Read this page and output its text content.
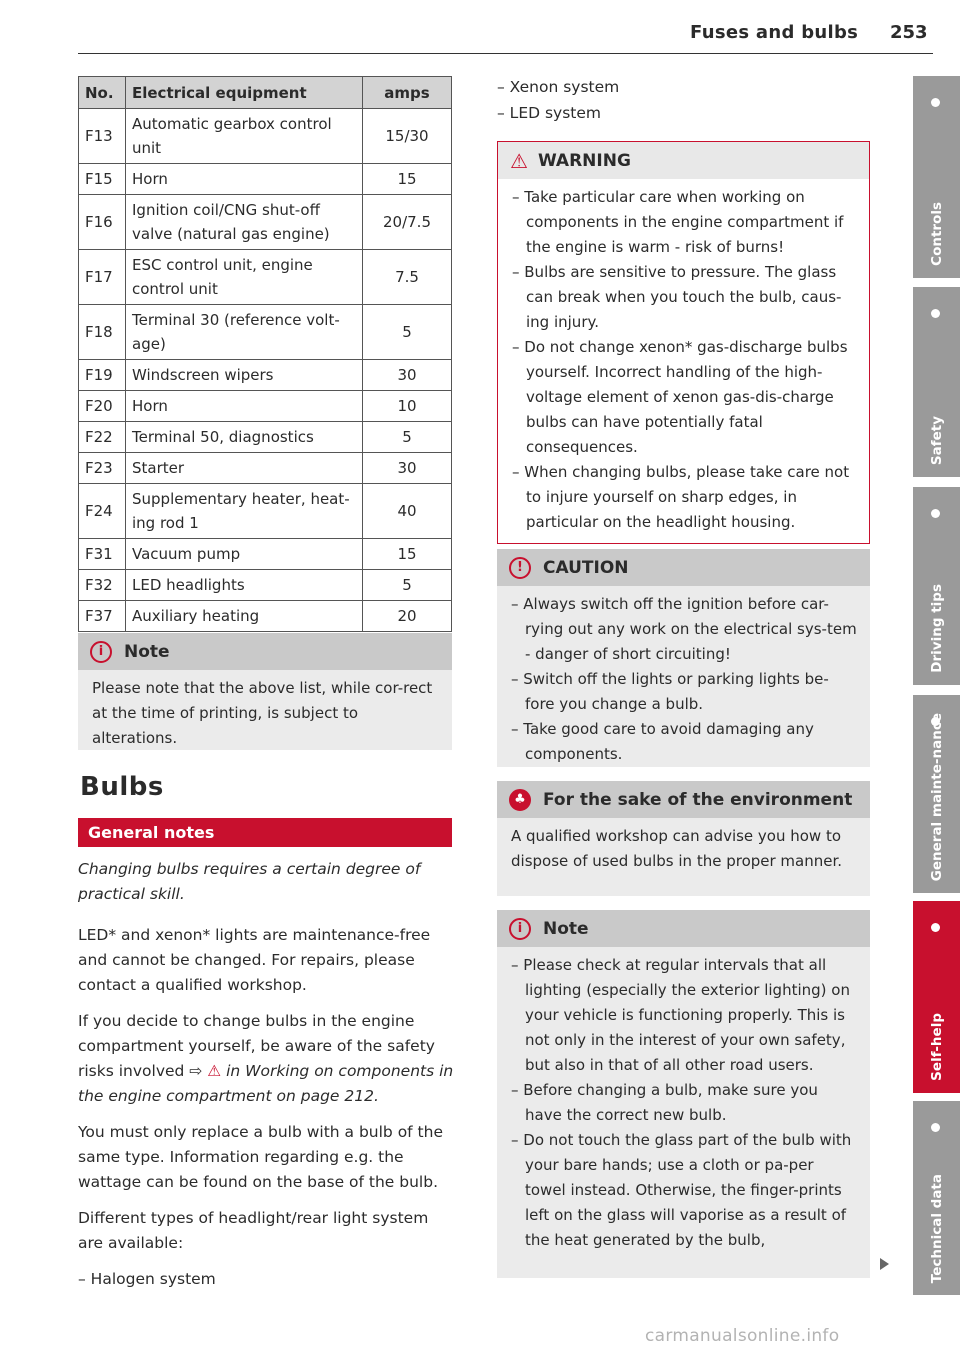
Fuses and bulbs 253
No.	Electrical equipment	amps
F13	Automatic gearbox control unit	15/30
F15	Horn	15
F16	Ignition coil/CNG shut-off valve (natural gas engine)	20/7.5
F17	ESC control unit, engine control unit	7.5
F18	Terminal 30 (reference volt-age)	5
F19	Windscreen wipers	30
F20	Horn	10
F22	Terminal 50, diagnostics	5
F23	Starter	30
F24	Supplementary heater, heat-ing rod 1	40
F31	Vacuum pump	15
F32	LED headlights	5
F37	Auxiliary heating	20
i	Note
Please note that the above list, while cor-rect at the time of printing, is subject to alterations.
Bulbs
General notes
Changing bulbs requires a certain degree of practical skill.
LED* and xenon* lights are maintenance-free and cannot be changed. For repairs, please contact a qualified workshop.
If you decide to change bulbs in the engine compartment yourself, be aware of the safety risks involved ⇨ ⚠ in Working on components in the engine compartment on page 212.
You must only replace a bulb with a bulb of the same type. Information regarding e.g. the wattage can be found on the base of the bulb.
Different types of headlight/rear light system are available:
– Halogen system
– Xenon system
– LED system
⚠ WARNING
– Take particular care when working on components in the engine compartment if the engine is warm - risk of burns!
– Bulbs are sensitive to pressure. The glass can break when you touch the bulb, caus-ing injury.
– Do not change xenon* gas-discharge bulbs yourself. Incorrect handling of the high-voltage element of xenon gas-dis-charge bulbs can have potentially fatal consequences.
– When changing bulbs, please take care not to injure yourself on sharp edges, in particular on the headlight housing.
!	CAUTION
– Always switch off the ignition before car-rying out any work on the electrical sys-tem - danger of short circuiting!
– Switch off the lights or parking lights be-fore you change a bulb.
– Take good care to avoid damaging any components.
♣	For the sake of the environment
A qualified workshop can advise you how to dispose of used bulbs in the proper manner.
i	Note
– Please check at regular intervals that all lighting (especially the exterior lighting) on your vehicle is functioning properly. This is not only in the interest of your own safety, but also in that of all other road users.
– Before changing a bulb, make sure you have the correct new bulb.
– Do not touch the glass part of the bulb with your bare hands; use a cloth or pa-per towel instead. Otherwise, the finger-prints left on the glass will vaporise as a result of the heat generated by the bulb,
Controls
Safety
Driving tips
General mainte-nance
Self-help
Technical data
carmanualsonline.info
